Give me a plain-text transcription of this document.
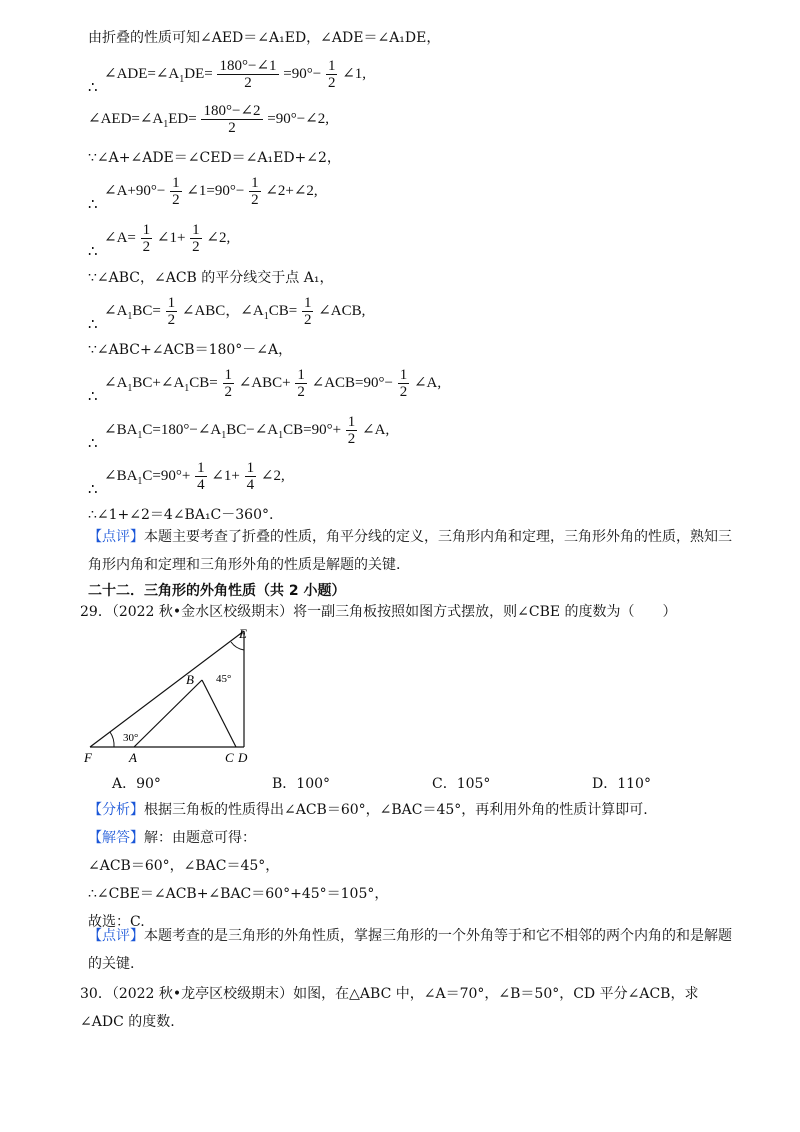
由折叠的性质可知∠AED＝∠A₁ED，∠ADE＝∠A₁DE，
∴
$\angle ADE=\angle A_1DE= \frac{180^\circ-\angle 1}{2} =90^\circ- \frac{1}{2}$ ∠1,
$\angle AED=\angle A_1ED= \frac{180^\circ-\angle 2}{2}$ =90°−∠2,
∵∠A+∠ADE＝∠CED＝∠A₁ED+∠2，
∴
∠A+90°− $\frac{1}{2}$ ∠1=90°− $\frac{1}{2}$ ∠2+∠2,
∴
∠A= $\frac{1}{2}$ ∠1+ $\frac{1}{2}$ ∠2,
∵∠ABC，∠ACB 的平分线交于点 A₁，
∴
$\angle A_1BC= \frac{1}{2}$ ∠ABC，$\angle A_1CB= \frac{1}{2}$ ∠ACB,
∵∠ABC+∠ACB＝180°－∠A，
∴
$\angle A_1BC+\angle A_1CB= \frac{1}{2}$ ∠ABC+ $\frac{1}{2}$ ∠ACB=90°− $\frac{1}{2}$ ∠A,
∴
$\angle BA_1C=180^\circ-\angle A_1BC-\angle A_1CB=90^\circ+ \frac{1}{2}$ ∠A,
∴
$\angle BA_1C=90^\circ+ \frac{1}{4}$ ∠1+ $\frac{1}{4}$ ∠2,
∴∠1+∠2＝4∠BA₁C－360°.
【点评】本题主要考查了折叠的性质，角平分线的定义，三角形内角和定理，三角形外角的性质，熟知三角形内角和定理和三角形外角的性质是解题的关键.
二十二．三角形的外角性质（共 2 小题）
29．（2022 秋•金水区校级期末）将一副三角板按照如图方式摆放，则∠CBE 的度数为（　　）
E
B 45°
30°
F	A	C D
A．90°	B．100°	C．105°	D．110°
【分析】根据三角板的性质得出∠ACB＝60°，∠BAC＝45°，再利用外角的性质计算即可.
【解答】解：由题意可得：
∠ACB＝60°，∠BAC＝45°，
∴∠CBE＝∠ACB+∠BAC＝60°+45°＝105°，
故选：C.
【点评】本题考查的是三角形的外角性质，掌握三角形的一个外角等于和它不相邻的两个内角的和是解题的关键.
30．（2022 秋•龙亭区校级期末）如图，在△ABC 中，∠A＝70°，∠B＝50°，CD 平分∠ACB，求∠ADC 的度数.
